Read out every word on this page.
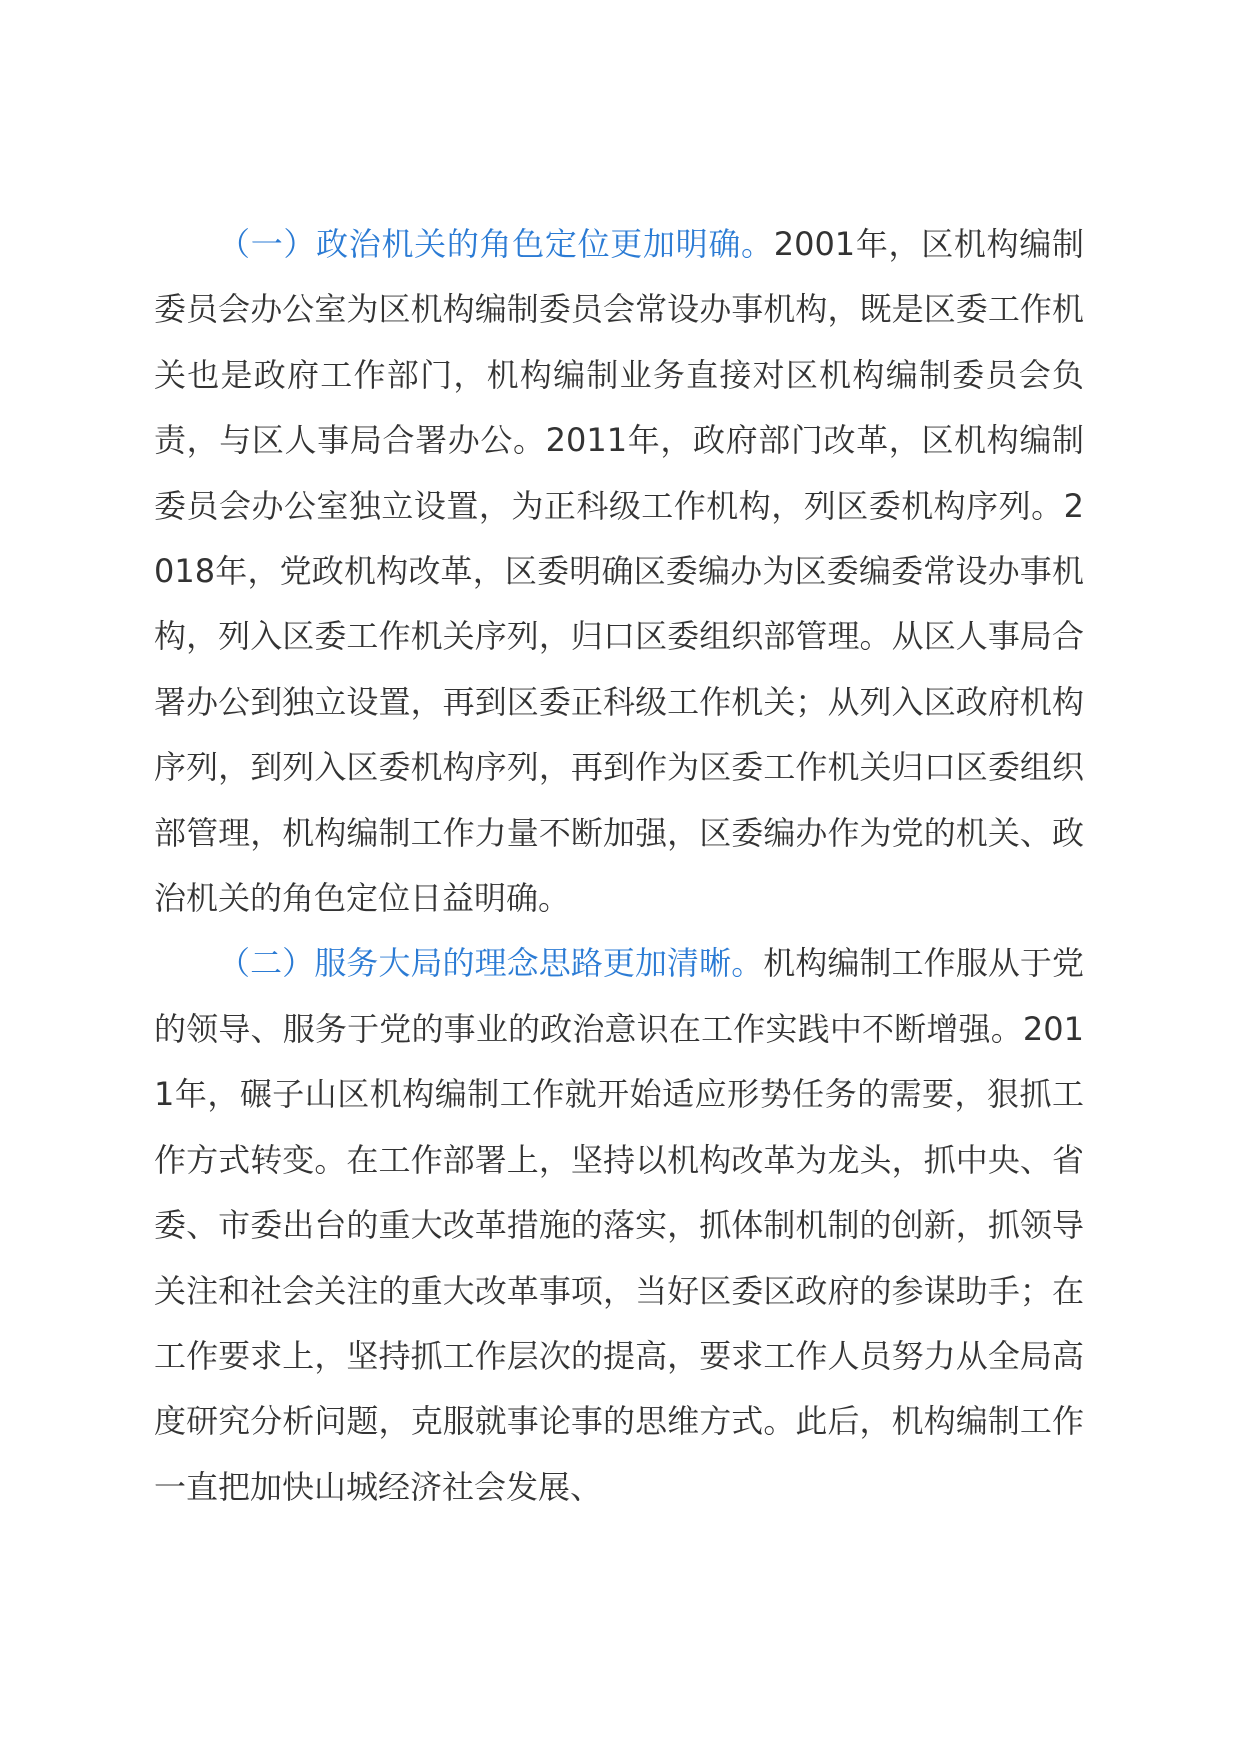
（一）政治机关的角色定位更加明确。2001年，区机构编制委员会办公室为区机构编制委员会常设办事机构，既是区委工作机关也是政府工作部门，机构编制业务直接对区机构编制委员会负责，与区人事局合署办公。2011年，政府部门改革，区机构编制委员会办公室独立设置，为正科级工作机构，列区委机构序列。2018年，党政机构改革，区委明确区委编办为区委编委常设办事机构，列入区委工作机关序列，归口区委组织部管理。从区人事局合署办公到独立设置，再到区委正科级工作机关；从列入区政府机构序列，到列入区委机构序列，再到作为区委工作机关归口区委组织部管理，机构编制工作力量不断加强，区委编办作为党的机关、政治机关的角色定位日益明确。

（二）服务大局的理念思路更加清晰。机构编制工作服从于党的领导、服务于党的事业的政治意识在工作实践中不断增强。2011年，碾子山区机构编制工作就开始适应形势任务的需要，狠抓工作方式转变。在工作部署上，坚持以机构改革为龙头，抓中央、省委、市委出台的重大改革措施的落实，抓体制机制的创新，抓领导关注和社会关注的重大改革事项，当好区委区政府的参谋助手；在工作要求上，坚持抓工作层次的提高，要求工作人员努力从全局高度研究分析问题，克服就事论事的思维方式。此后，机构编制工作一直把加快山城经济社会发展、
